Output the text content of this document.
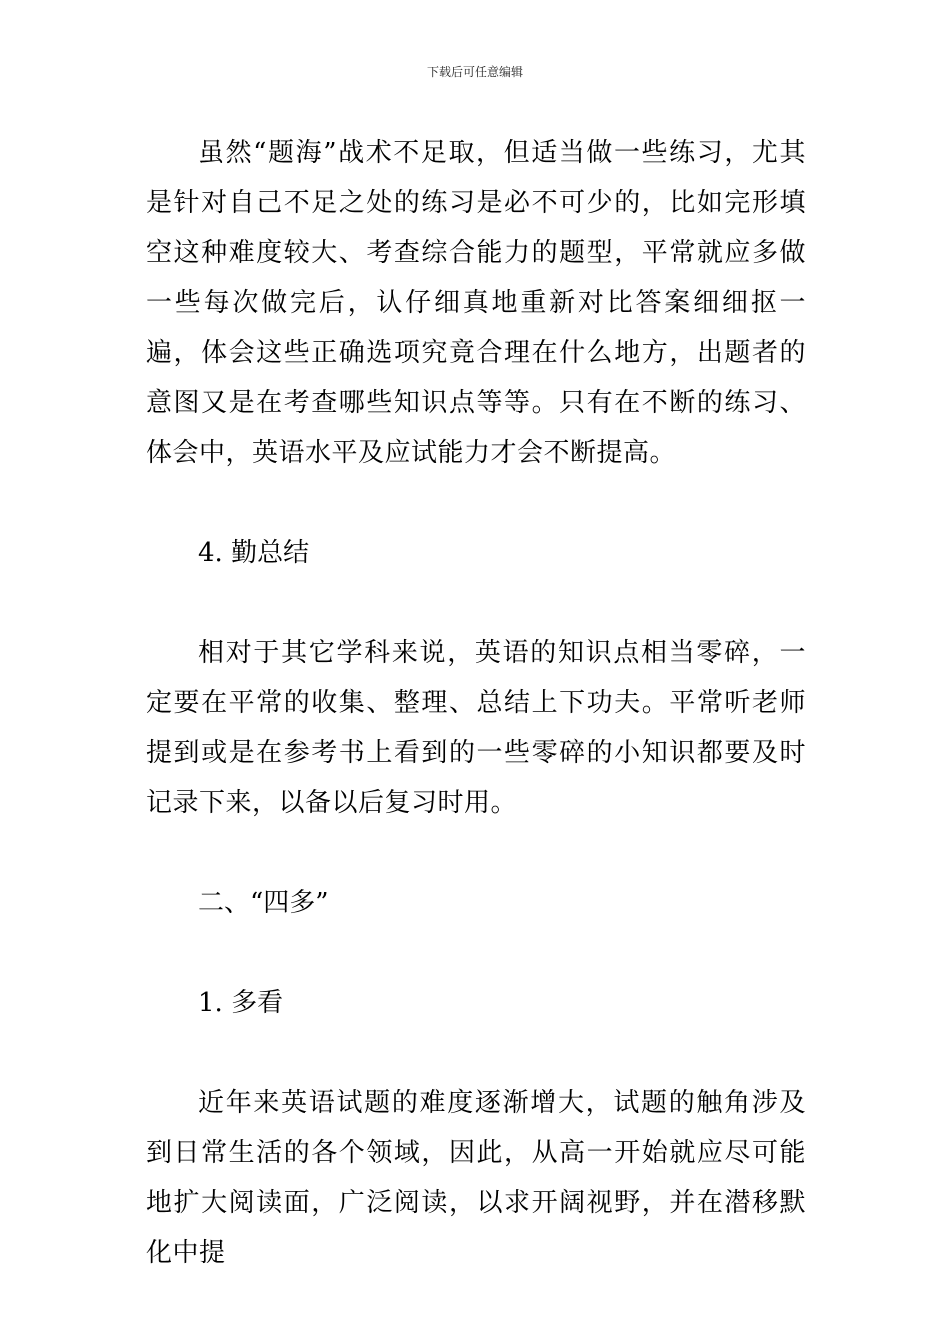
下载后可任意编辑

虽然“题海”战术不足取，但适当做一些练习，尤其是针对自己不足之处的练习是必不可少的，比如完形填空这种难度较大、考查综合能力的题型，平常就应多做一些每次做完后，认仔细真地重新对比答案细细抠一遍，体会这些正确选项究竟合理在什么地方，出题者的意图又是在考查哪些知识点等等。只有在不断的练习、体会中，英语水平及应试能力才会不断提高。

4. 勤总结

相对于其它学科来说，英语的知识点相当零碎，一定要在平常的收集、整理、总结上下功夫。平常听老师提到或是在参考书上看到的一些零碎的小知识都要及时记录下来，以备以后复习时用。

二、“四多”

1. 多看

近年来英语试题的难度逐渐增大，试题的触角涉及到日常生活的各个领域，因此，从高一开始就应尽可能地扩大阅读面，广泛阅读，以求开阔视野，并在潜移默化中提
